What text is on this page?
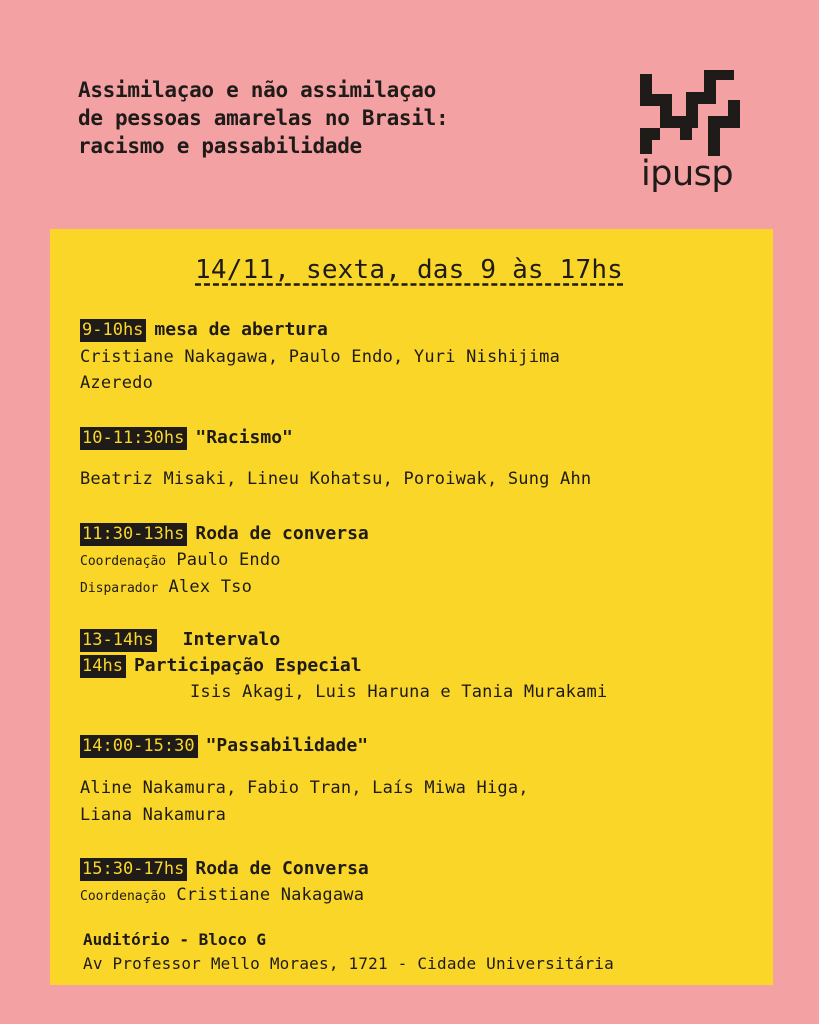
Assimilaçao e não assimilaçao
de pessoas amarelas no Brasil:
racismo e passabilidade
ipusp
14/11, sexta, das 9 às 17hs
9-10hsmesa de abertura
Cristiane Nakagawa, Paulo Endo, Yuri Nishijima
Azeredo
10-11:30hs "Racismo"
Beatriz Misaki, Lineu Kohatsu, Poroiwak, Sung Ahn
11:30-13hs Roda de conversa
Coordenação Paulo Endo
Disparador Alex Tso
13-14hs Intervalo
14hs Participação Especial
Isis Akagi, Luis Haruna e Tania Murakami
14:00-15:30 "Passabilidade"
Aline Nakamura, Fabio Tran, Laís Miwa Higa,
Liana Nakamura
15:30-17hs Roda de Conversa
Coordenação Cristiane Nakagawa
Auditório - Bloco G
Av Professor Mello Moraes, 1721 - Cidade Universitária
